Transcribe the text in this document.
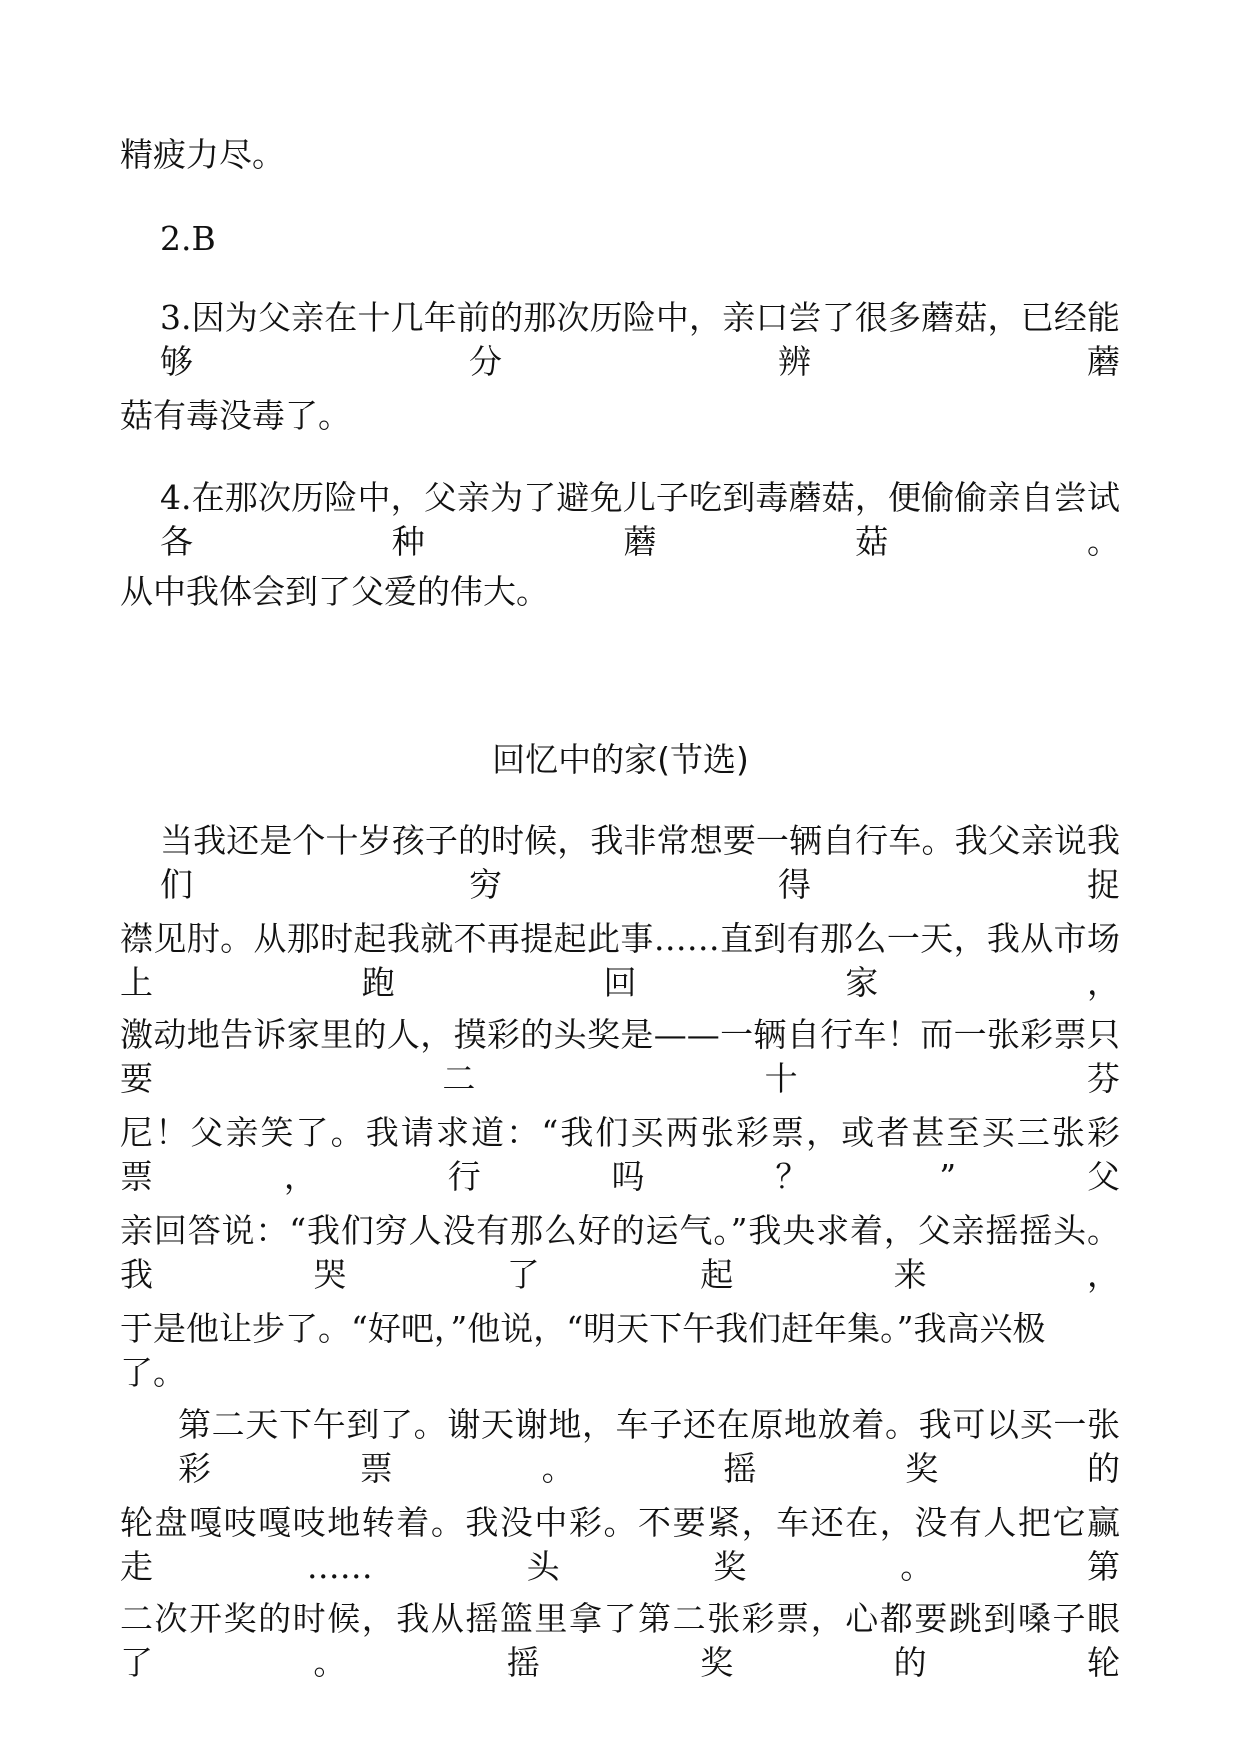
精疲力尽。
2.B
3.因为父亲在十几年前的那次历险中，亲口尝了很多蘑菇，已经能够分辨蘑
菇有毒没毒了。
4.在那次历险中，父亲为了避免儿子吃到毒蘑菇，便偷偷亲自尝试各种蘑菇。
从中我体会到了父爱的伟大。
回忆中的家(节选)
当我还是个十岁孩子的时候，我非常想要一辆自行车。我父亲说我们穷得捉
襟见肘。从那时起我就不再提起此事……直到有那么一天，我从市场上跑回家，
激动地告诉家里的人，摸彩的头奖是——一辆自行车！而一张彩票只要二十芬
尼！父亲笑了。我请求道：“我们买两张彩票，或者甚至买三张彩票，行吗？”父
亲回答说：“我们穷人没有那么好的运气。”我央求着，父亲摇摇头。我哭了起来，
于是他让步了。“好吧，”他说，“明天下午我们赶年集。”我高兴极了。
第二天下午到了。谢天谢地，车子还在原地放着。我可以买一张彩票。摇奖的
轮盘嘎吱嘎吱地转着。我没中彩。不要紧，车还在，没有人把它赢走……头奖。第
二次开奖的时候，我从摇篮里拿了第二张彩票，心都要跳到嗓子眼了。摇奖的轮
